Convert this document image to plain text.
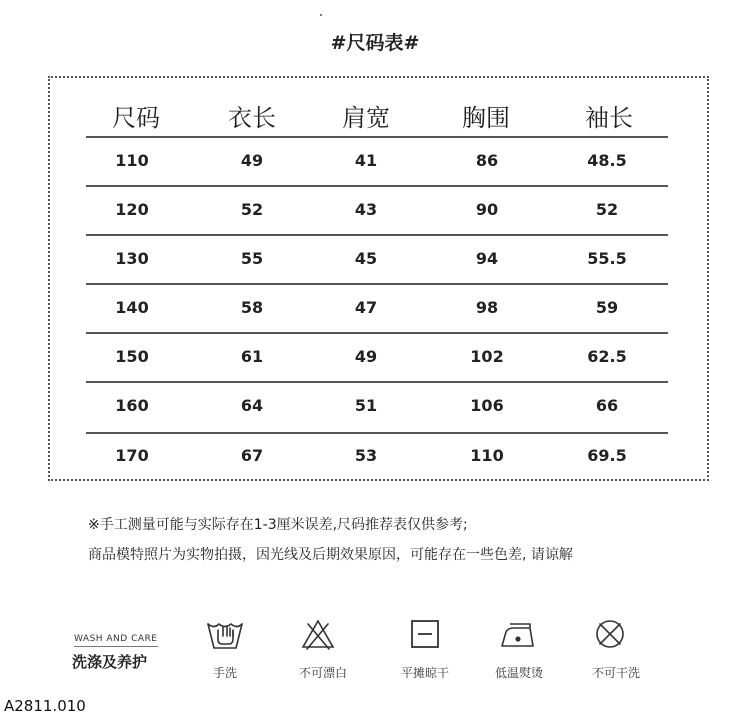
#尺码表#
尺码	衣长	肩宽	胸围	袖长
110	49	41	86	48.5
120	52	43	90	52
130	55	45	94	55.5
140	58	47	98	59
150	61	49	102	62.5
160	64	51	106	66
170	67	53	110	69.5
※手工测量可能与实际存在1-3厘米误差,尺码推荐表仅供参考;
商品模特照片为实物拍摄，因光线及后期效果原因，可能存在一些色差, 请谅解
WASH AND CARE
洗涤及养护
手洗	不可漂白	平摊晾干	低温熨烫	不可干洗
A2811.010
